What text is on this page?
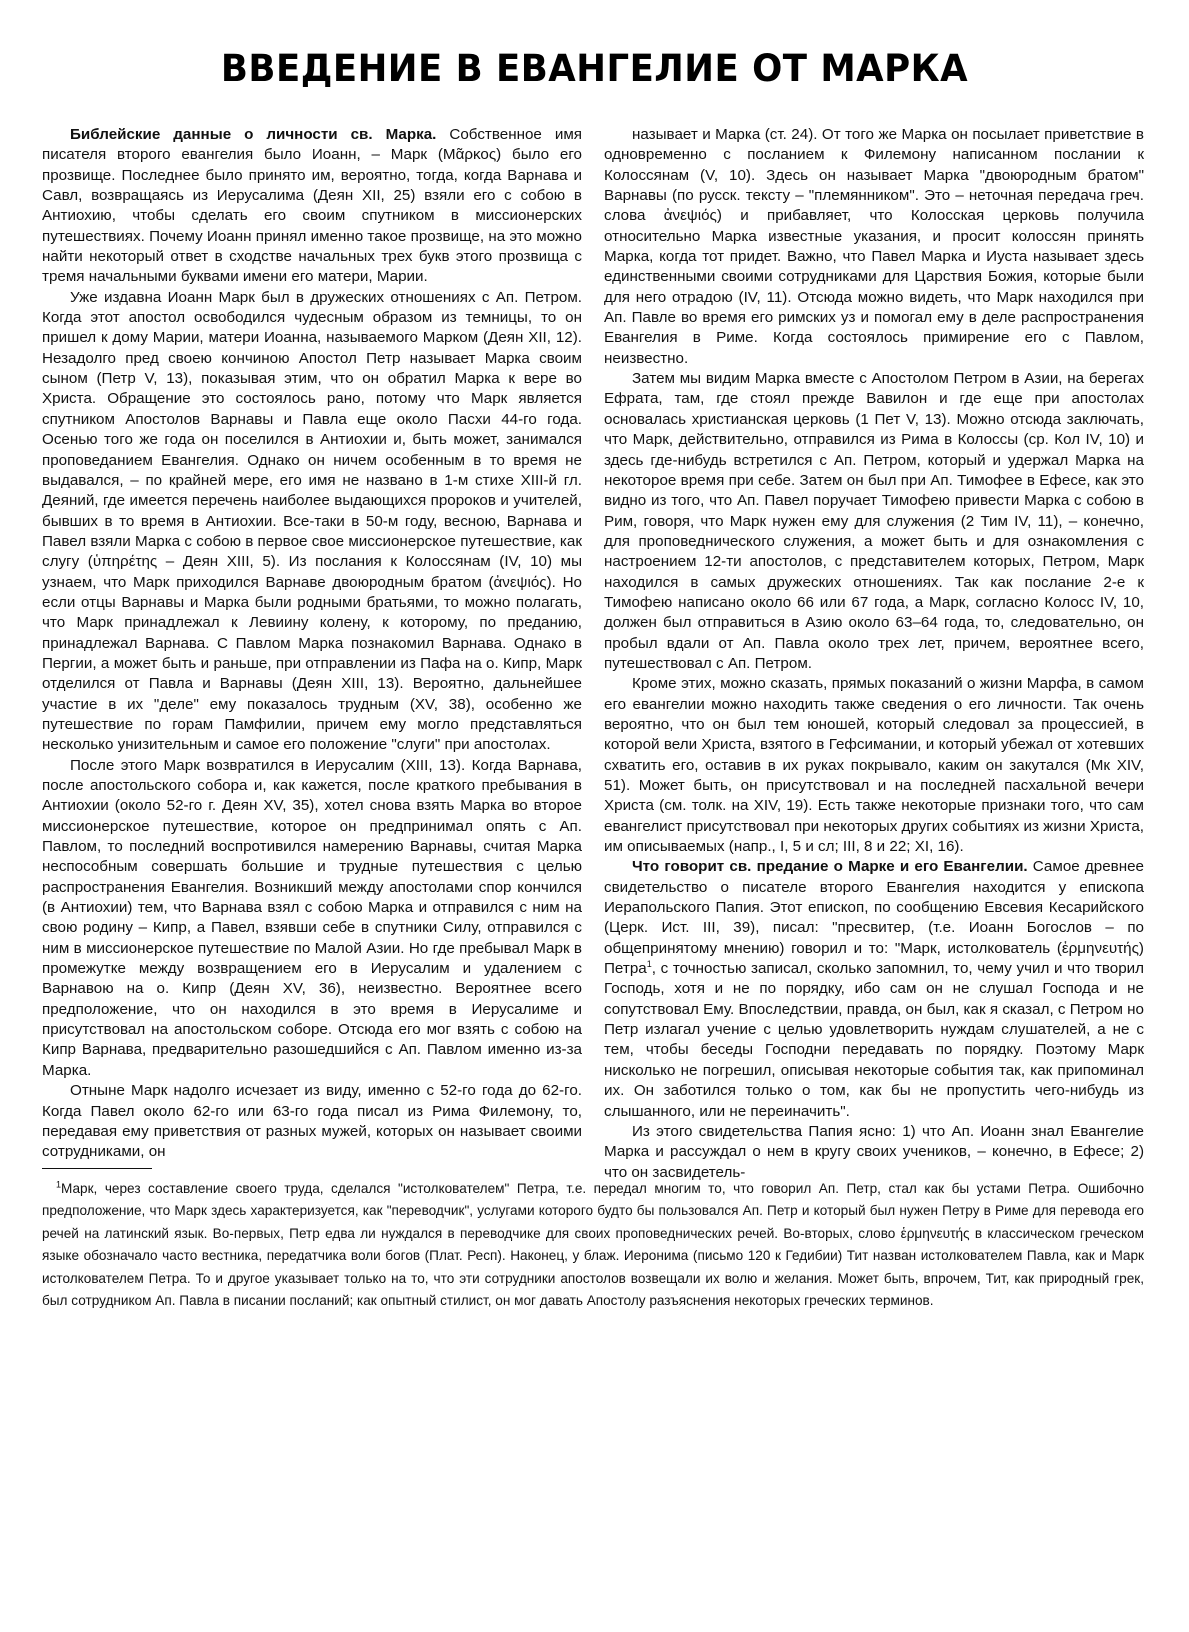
ВВЕДЕНИЕ В ЕВАНГЕЛИЕ ОТ МАРКА

Библейские данные о личности св. Марка. Собственное имя писателя второго евангелия было Иоанн, – Марк (Μᾶρκος) было его прозвище. Последнее было принято им, вероятно, тогда, когда Варнава и Савл, возвращаясь из Иерусалима (Деян XII, 25) взяли его с собою в Антиохию, чтобы сделать его своим спутником в миссионерских путешествиях. Почему Иоанн принял именно такое прозвище, на это можно найти некоторый ответ в сходстве начальных трех букв этого прозвища с тремя начальными буквами имени его матери, Марии.

Уже издавна Иоанн Марк был в дружеских отношениях с Ап. Петром. Когда этот апостол освободился чудесным образом из темницы, то он пришел к дому Марии, матери Иоанна, называемого Марком (Деян XII, 12). Незадолго пред своею кончиною Апостол Петр называет Марка своим сыном (Петр V, 13), показывая этим, что он обратил Марка к вере во Христа. Обращение это состоялось рано, потому что Марк является спутником Апостолов Варнавы и Павла еще около Пасхи 44-го года. Осенью того же года он поселился в Антиохии и, быть может, занимался проповеданием Евангелия. Однако он ничем особенным в то время не выдавался, – по крайней мере, его имя не названо в 1-м стихе XIII-й гл. Деяний, где имеется перечень наиболее выдающихся пророков и учителей, бывших в то время в Антиохии. Все-таки в 50-м году, весною, Варнава и Павел взяли Марка с собою в первое свое миссионерское путешествие, как слугу (ὑπηρέτης – Деян XIII, 5). Из послания к Колоссянам (IV, 10) мы узнаем, что Марк приходился Варнаве двоюродным братом (ἀνεψιός). Но если отцы Варнавы и Марка были родными братьями, то можно полагать, что Марк принадлежал к Левиину колену, к которому, по преданию, принадлежал Варнава. С Павлом Марка познакомил Варнава. Однако в Пергии, а может быть и раньше, при отправлении из Пафа на о. Кипр, Марк отделился от Павла и Варнавы (Деян XIII, 13). Вероятно, дальнейшее участие в их "деле" ему показалось трудным (XV, 38), особенно же путешествие по горам Памфилии, причем ему могло представляться несколько унизительным и самое его положение "слуги" при апостолах.

После этого Марк возвратился в Иерусалим (XIII, 13). Когда Варнава, после апостольского собора и, как кажется, после краткого пребывания в Антиохии (около 52-го г. Деян XV, 35), хотел снова взять Марка во второе миссионерское путешествие, которое он предпринимал опять с Ап. Павлом, то последний воспротивился намерению Варнавы, считая Марка неспособным совершать большие и трудные путешествия с целью распространения Евангелия. Возникший между апостолами спор кончился (в Антиохии) тем, что Варнава взял с собою Марка и отправился с ним на свою родину – Кипр, а Павел, взявши себе в спутники Силу, отправился с ним в миссионерское путешествие по Малой Азии. Но где пребывал Марк в промежутке между возвращением его в Иерусалим и удалением с Варнавою на о. Кипр (Деян XV, 36), неизвестно. Вероятнее всего предположение, что он находился в это время в Иерусалиме и присутствовал на апостольском соборе. Отсюда его мог взять с собою на Кипр Варнава, предварительно разошедшийся с Ап. Павлом именно из-за Марка.

Отныне Марк надолго исчезает из виду, именно с 52-го года до 62-го. Когда Павел около 62-го или 63-го года писал из Рима Филемону, то, передавая ему приветствия от разных мужей, которых он называет своими сотрудниками, он

называет и Марка (ст. 24). От того же Марка он посылает приветствие в одновременно с посланием к Филемону написанном послании к Колоссянам (V, 10). Здесь он называет Марка "двоюродным братом" Варнавы (по русск. тексту – "племянником". Это – неточная передача греч. слова ἀνεψιός) и прибавляет, что Колосская церковь получила относительно Марка известные указания, и просит колоссян принять Марка, когда тот придет. Важно, что Павел Марка и Иуста называет здесь единственными своими сотрудниками для Царствия Божия, которые были для него отрадою (IV, 11). Отсюда можно видеть, что Марк находился при Ап. Павле во время его римских уз и помогал ему в деле распространения Евангелия в Риме. Когда состоялось примирение его с Павлом, неизвестно.

Затем мы видим Марка вместе с Апостолом Петром в Азии, на берегах Ефрата, там, где стоял прежде Вавилон и где еще при апостолах основалась христианская церковь (1 Пет V, 13). Можно отсюда заключать, что Марк, действительно, отправился из Рима в Колоссы (ср. Кол IV, 10) и здесь где-нибудь встретился с Ап. Петром, который и удержал Марка на некоторое время при себе. Затем он был при Ап. Тимофее в Ефесе, как это видно из того, что Ап. Павел поручает Тимофею привести Марка с собою в Рим, говоря, что Марк нужен ему для служения (2 Тим IV, 11), – конечно, для проповеднического служения, а может быть и для ознакомления с настроением 12-ти апостолов, с представителем которых, Петром, Марк находился в самых дружеских отношениях. Так как послание 2-е к Тимофею написано около 66 или 67 года, а Марк, согласно Колосс IV, 10, должен был отправиться в Азию около 63–64 года, то, следовательно, он пробыл вдали от Ап. Павла около трех лет, причем, вероятнее всего, путешествовал с Ап. Петром.

Кроме этих, можно сказать, прямых показаний о жизни Марфа, в самом его евангелии можно находить также сведения о его личности. Так очень вероятно, что он был тем юношей, который следовал за процессией, в которой вели Христа, взятого в Гефсимании, и который убежал от хотевших схватить его, оставив в их руках покрывало, каким он закутался (Мк XIV, 51). Может быть, он присутствовал и на последней пасхальной вечери Христа (см. толк. на XIV, 19). Есть также некоторые признаки того, что сам евангелист присутствовал при некоторых других событиях из жизни Христа, им описываемых (напр., I, 5 и сл; III, 8 и 22; XI, 16).

Что говорит св. предание о Марке и его Евангелии. Самое древнее свидетельство о писателе второго Евангелия находится у епископа Иерапольского Папия. Этот епископ, по сообщению Евсевия Кесарийского (Церк. Ист. III, 39), писал: "пресвитер, (т.е. Иоанн Богослов – по общепринятому мнению) говорил и то: "Марк, истолкователь (ἑρμηνευτής) Петра$^1$, с точностью записал, сколько запомнил, то, чему учил и что творил Господь, хотя и не по порядку, ибо сам он не слушал Господа и не сопутствовал Ему. Впоследствии, правда, он был, как я сказал, с Петром но Петр излагал учение с целью удовлетворить нуждам слушателей, а не с тем, чтобы беседы Господни передавать по порядку. Поэтому Марк нисколько не погрешил, описывая некоторые события так, как припоминал их. Он заботился только о том, как бы не пропустить чего-нибудь из слышанного, или не переиначить".

Из этого свидетельства Папия ясно: 1) что Ап. Иоанн знал Евангелие Марка и рассуждал о нем в кругу своих учеников, – конечно, в Ефесе; 2) что он засвидетель-

$^1$Марк, через составление своего труда, сделался "истолкователем" Петра, т.е. передал многим то, что говорил Ап. Петр, стал как бы устами Петра. Ошибочно предположение, что Марк здесь характеризуется, как "переводчик", услугами которого будто бы пользовался Ап. Петр и который был нужен Петру в Риме для перевода его речей на латинский язык. Во-первых, Петр едва ли нуждался в переводчике для своих проповеднических речей. Во-вторых, слово ἑρμηνευτής в классическом греческом языке обозначало часто вестника, передатчика воли богов (Плат. Респ). Наконец, у блаж. Иеронима (письмо 120 к Гедибии) Тит назван истолкователем Павла, как и Марк истолкователем Петра. То и другое указывает только на то, что эти сотрудники апостолов возвещали их волю и желания. Может быть, впрочем, Тит, как природный грек, был сотрудником Ап. Павла в писании посланий; как опытный стилист, он мог давать Апостолу разъяснения некоторых греческих терминов.
